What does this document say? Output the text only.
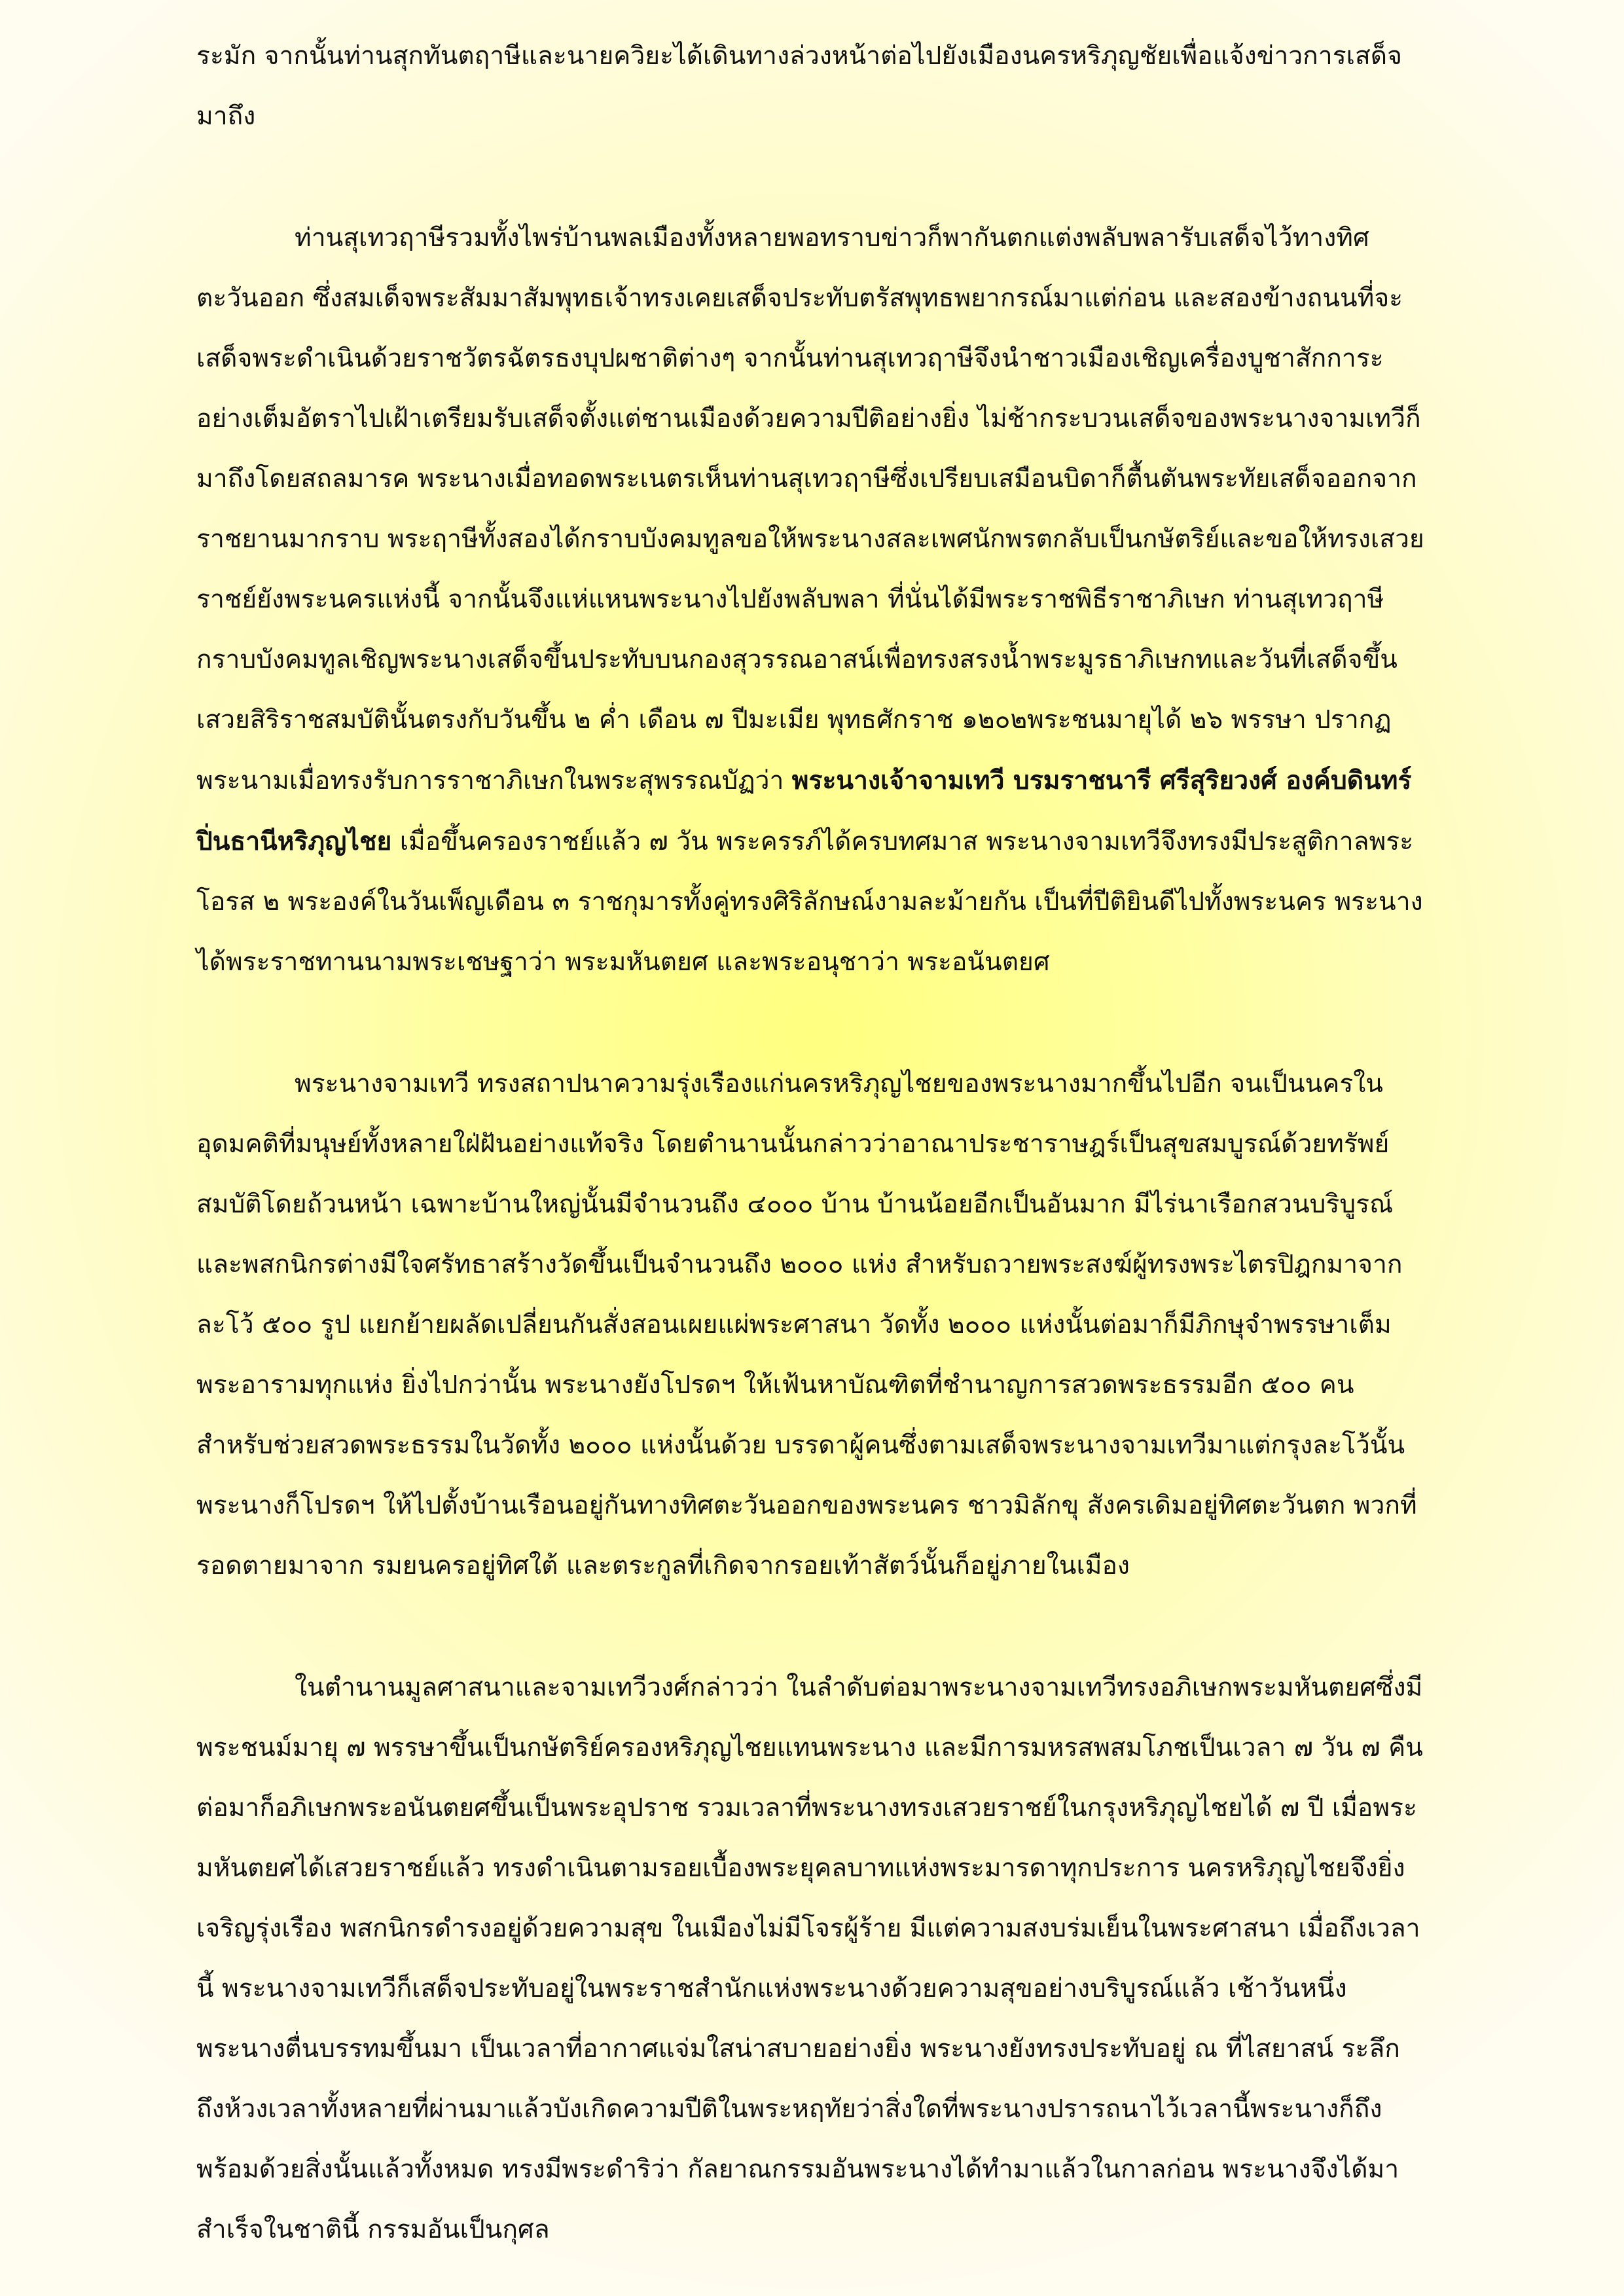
ระมัก จากนั้นท่านสุกทันตฤาษีและนายควิยะได้เดินทางล่วงหน้าต่อไปยังเมืองนครหริภุญชัยเพื่อแจ้งข่าวการเสด็จมาถึง

ท่านสุเทวฤาษีรวมทั้งไพร่บ้านพลเมืองทั้งหลายพอทราบข่าวก็พากันตกแต่งพลับพลารับเสด็จไว้ทางทิศตะวันออก ซึ่งสมเด็จพระสัมมาสัมพุทธเจ้าทรงเคยเสด็จประทับตรัสพุทธพยากรณ์มาแต่ก่อน และสองข้างถนนที่จะเสด็จพระดำเนินด้วยราชวัตรฉัตรธงบุปผชาติต่างๆ จากนั้นท่านสุเทวฤาษีจึงนำชาวเมืองเชิญเครื่องบูชาสักการะอย่างเต็มอัตราไปเฝ้าเตรียมรับเสด็จตั้งแต่ชานเมืองด้วยความปีติอย่างยิ่ง ไม่ช้ากระบวนเสด็จของพระนางจามเทวีก็มาถึงโดยสถลมารค พระนางเมื่อทอดพระเนตรเห็นท่านสุเทวฤาษีซึ่งเปรียบเสมือนบิดาก็ตื้นตันพระทัยเสด็จออกจากราชยานมากราบ พระฤาษีทั้งสองได้กราบบังคมทูลขอให้พระนางสละเพศนักพรตกลับเป็นกษัตริย์และขอให้ทรงเสวยราชย์ยังพระนครแห่งนี้ จากนั้นจึงแห่แหนพระนางไปยังพลับพลา ที่นั่นได้มีพระราชพิธีราชาภิเษก ท่านสุเทวฤาษีกราบบังคมทูลเชิญพระนางเสด็จขึ้นประทับบนกองสุวรรณอาสน์เพื่อทรงสรงน้ำพระมูรธาภิเษกทและวันที่เสด็จขึ้นเสวยสิริราชสมบัตินั้นตรงกับวันขึ้น ๒ ค่ำ เดือน ๗ ปีมะเมีย พุทธศักราช ๑๒๐๒พระชนมายุได้ ๒๖ พรรษา ปรากฏพระนามเมื่อทรงรับการราชาภิเษกในพระสุพรรณบัฏว่า พระนางเจ้าจามเทวี บรมราชนารี ศรีสุริยวงศ์ องค์บดินทร์ ปิ่นธานีหริภุญไชย เมื่อขึ้นครองราชย์แล้ว ๗ วัน พระครรภ์ได้ครบทศมาส พระนางจามเทวีจึงทรงมีประสูติกาลพระโอรส ๒ พระองค์ในวันเพ็ญเดือน ๓ ราชกุมารทั้งคู่ทรงศิริลักษณ์งามละม้ายกัน เป็นที่ปีติยินดีไปทั้งพระนคร พระนางได้พระราชทานนามพระเชษฐาว่า พระมหันตยศ และพระอนุชาว่า พระอนันตยศ

พระนางจามเทวี ทรงสถาปนาความรุ่งเรืองแก่นครหริภุญไชยของพระนางมากขึ้นไปอีก จนเป็นนครในอุดมคติที่มนุษย์ทั้งหลายใฝ่ฝันอย่างแท้จริง โดยตำนานนั้นกล่าวว่าอาณาประชาราษฎร์เป็นสุขสมบูรณ์ด้วยทรัพย์สมบัติโดยถ้วนหน้า เฉพาะบ้านใหญ่นั้นมีจำนวนถึง ๔๐๐๐ บ้าน บ้านน้อยอีกเป็นอันมาก มีไร่นาเรือกสวนบริบูรณ์ และพสกนิกรต่างมีใจศรัทธาสร้างวัดขึ้นเป็นจำนวนถึง ๒๐๐๐ แห่ง สำหรับถวายพระสงฆ์ผู้ทรงพระไตรปิฎกมาจากละโว้ ๕๐๐ รูป แยกย้ายผลัดเปลี่ยนกันสั่งสอนเผยแผ่พระศาสนา วัดทั้ง ๒๐๐๐ แห่งนั้นต่อมาก็มีภิกษุจำพรรษาเต็มพระอารามทุกแห่ง ยิ่งไปกว่านั้น พระนางยังโปรดฯ ให้เฟ้นหาบัณฑิตที่ชำนาญการสวดพระธรรมอีก ๕๐๐ คนสำหรับช่วยสวดพระธรรมในวัดทั้ง ๒๐๐๐ แห่งนั้นด้วย บรรดาผู้คนซึ่งตามเสด็จพระนางจามเทวีมาแต่กรุงละโว้นั้น พระนางก็โปรดฯ ให้ไปตั้งบ้านเรือนอยู่กันทางทิศตะวันออกของพระนคร ชาวมิลักขุ สังครเดิมอยู่ทิศตะวันตก พวกที่รอดตายมาจาก รมยนครอยู่ทิศใต้ และตระกูลที่เกิดจากรอยเท้าสัตว์นั้นก็อยู่ภายในเมือง

ในตำนานมูลศาสนาและจามเทวีวงศ์กล่าวว่า ในลำดับต่อมาพระนางจามเทวีทรงอภิเษกพระมหันตยศซึ่งมีพระชนม์มายุ ๗ พรรษาขึ้นเป็นกษัตริย์ครองหริภุญไชยแทนพระนาง และมีการมหรสพสมโภชเป็นเวลา ๗ วัน ๗ คืน ต่อมาก็อภิเษกพระอนันตยศขึ้นเป็นพระอุปราช รวมเวลาที่พระนางทรงเสวยราชย์ในกรุงหริภุญไชยได้ ๗ ปี เมื่อพระมหันตยศได้เสวยราชย์แล้ว ทรงดำเนินตามรอยเบื้องพระยุคลบาทแห่งพระมารดาทุกประการ นครหริภุญไชยจึงยิ่งเจริญรุ่งเรือง พสกนิกรดำรงอยู่ด้วยความสุข ในเมืองไม่มีโจรผู้ร้าย มีแต่ความสงบร่มเย็นในพระศาสนา เมื่อถึงเวลานี้ พระนางจามเทวีก็เสด็จประทับอยู่ในพระราชสำนักแห่งพระนางด้วยความสุขอย่างบริบูรณ์แล้ว เช้าวันหนึ่งพระนางตื่นบรรทมขึ้นมา เป็นเวลาที่อากาศแจ่มใสน่าสบายอย่างยิ่ง พระนางยังทรงประทับอยู่ ณ ที่ไสยาสน์ ระลึกถึงห้วงเวลาทั้งหลายที่ผ่านมาแล้วบังเกิดความปีติในพระหฤทัยว่าสิ่งใดที่พระนางปรารถนาไว้เวลานี้พระนางก็ถึงพร้อมด้วยสิ่งนั้นแล้วทั้งหมด ทรงมีพระดำริว่า กัลยาณกรรมอันพระนางได้ทำมาแล้วในกาลก่อน พระนางจึงได้มาสำเร็จในชาตินี้ กรรมอันเป็นกุศล
